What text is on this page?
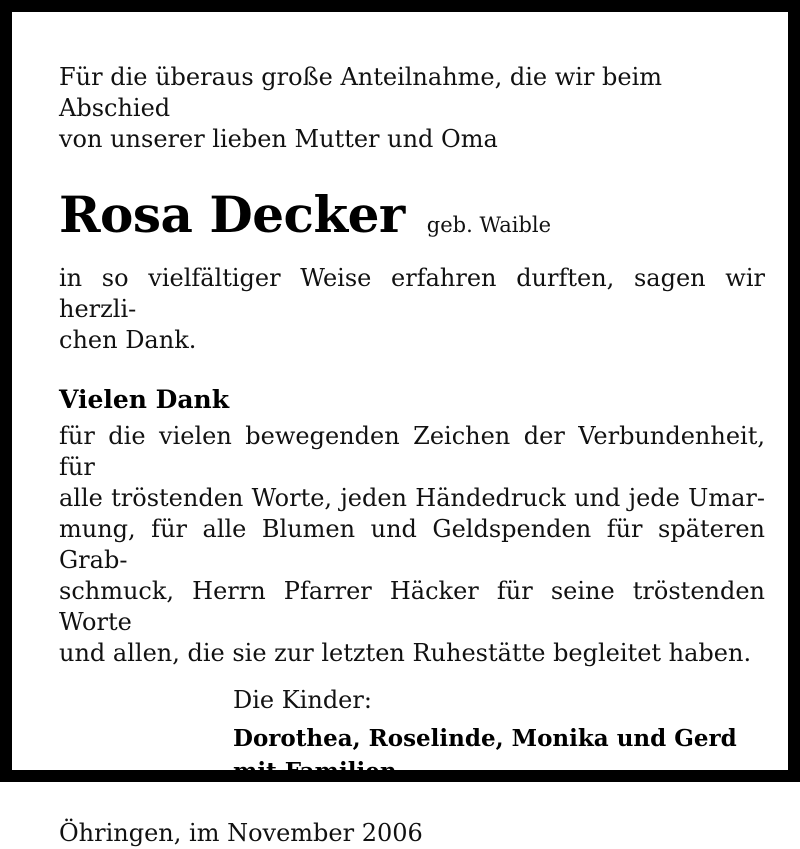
Für die überaus große Anteilnahme, die wir beim Abschied
von unserer lieben Mutter und Oma

Rosa Decker geb. Waible

in so vielfältiger Weise erfahren durften, sagen wir herzli-
chen Dank.

Vielen Dank

für die vielen bewegenden Zeichen der Verbundenheit, für
alle tröstenden Worte, jeden Händedruck und jede Umar-
mung, für alle Blumen und Geldspenden für späteren Grab-
schmuck, Herrn Pfarrer Häcker für seine tröstenden Worte
und allen, die sie zur letzten Ruhestätte begleitet haben.

Die Kinder:
Dorothea, Roselinde, Monika und Gerd
mit Familien
Öhringen, im November 2006
